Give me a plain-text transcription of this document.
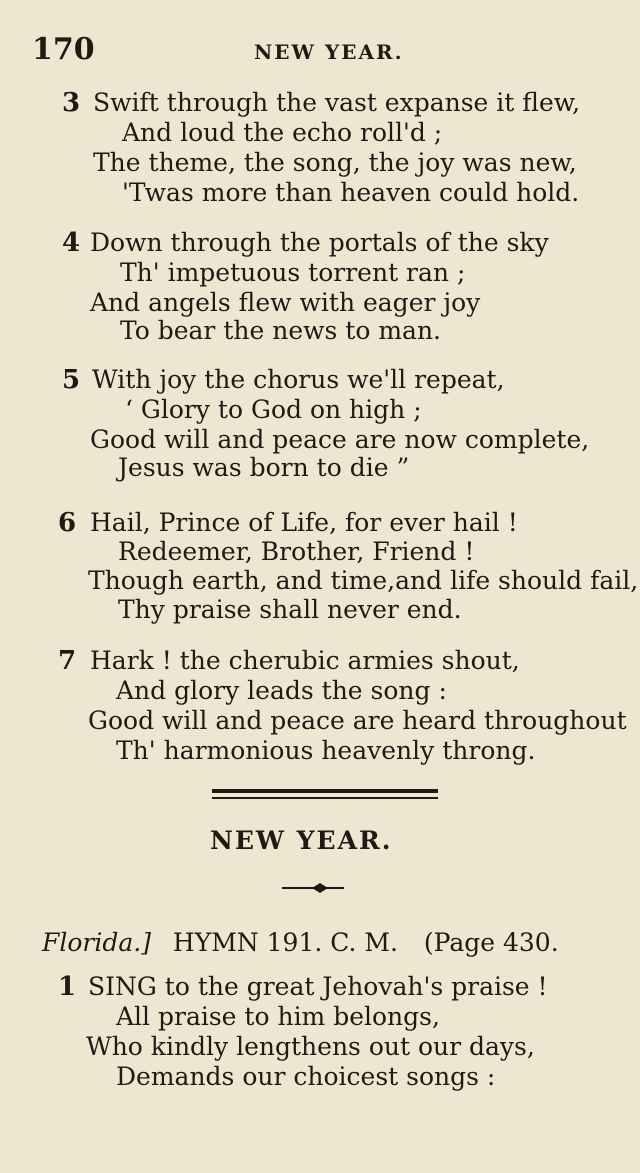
170	NEW YEAR.
3 Swift through the vast expanse it flew,
And loud the echo roll'd ;
The theme, the song, the joy was new,
'Twas more than heaven could hold.
4 Down through the portals of the sky
Th' impetuous torrent ran ;
And angels flew with eager joy
To bear the news to man.
5 With joy the chorus we'll repeat,
‘ Glory to God on high ;
Good will and peace are now complete,
Jesus was born to die ”
6 Hail, Prince of Life, for ever hail !
Redeemer, Brother, Friend !
Though earth, and time,and life should fail,
Thy praise shall never end.
7 Hark ! the cherubic armies shout,
And glory leads the song :
Good will and peace are heard throughout
Th' harmonious heavenly throng.
NEW YEAR.
Florida.] HYMN 191. C. M. (Page 430.
1 SING to the great Jehovah's praise !
All praise to him belongs,
Who kindly lengthens out our days,
Demands our choicest songs :
